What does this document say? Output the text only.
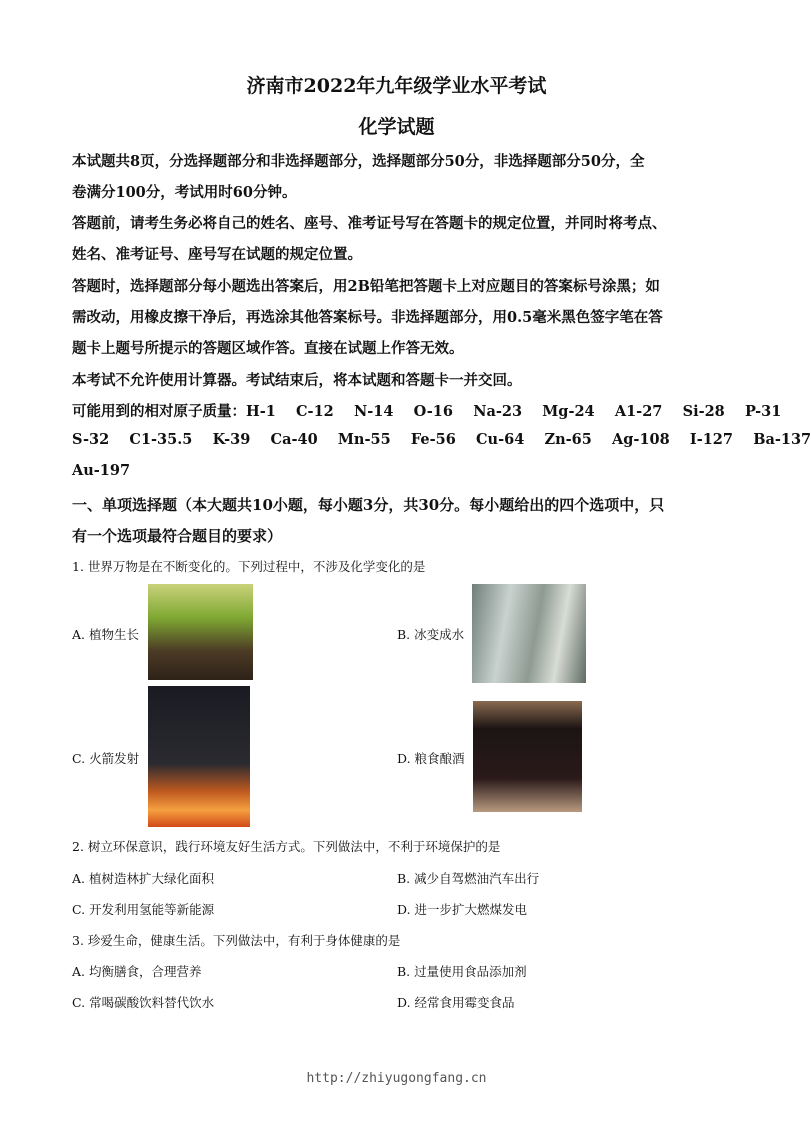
济南市2022年九年级学业水平考试
化学试题
本试题共8页，分选择题部分和非选择题部分，选择题部分50分，非选择题部分50分，全
卷满分100分，考试用时60分钟。
答题前，请考生务必将自己的姓名、座号、准考证号写在答题卡的规定位置，并同时将考点、
姓名、准考证号、座号写在试题的规定位置。
答题时，选择题部分每小题选出答案后，用2B铅笔把答题卡上对应题目的答案标号涂黑；如
需改动，用橡皮擦干净后，再选涂其他答案标号。非选择题部分，用0.5毫米黑色签字笔在答
题卡上题号所提示的答题区域作答。直接在试题上作答无效。
本考试不允许使用计算器。考试结束后，将本试题和答题卡一并交回。
可能用到的相对原子质量：H-1 C-12 N-14 O-16 Na-23 Mg-24 A1-27 Si-28 P-31
S-32 C1-35.5 K-39 Ca-40 Mn-55 Fe-56 Cu-64 Zn-65 Ag-108 I-127 Ba-137
Au-197
一、单项选择题（本大题共10小题，每小题3分，共30分。每小题给出的四个选项中，只
有一个选项最符合题目的要求）
1. 世界万物是在不断变化的。下列过程中，不涉及化学变化的是
A. 植物生长	B. 冰变成水
C. 火箭发射	D. 粮食酿酒
2. 树立环保意识，践行环境友好生活方式。下列做法中，不利于环境保护的是
A. 植树造林扩大绿化面积	B. 减少自驾燃油汽车出行
C. 开发利用氢能等新能源	D. 进一步扩大燃煤发电
3. 珍爱生命，健康生活。下列做法中，有利于身体健康的是
A. 均衡膳食，合理营养	B. 过量使用食品添加剂
C. 常喝碳酸饮料替代饮水	D. 经常食用霉变食品
http://zhiyugongfang.cn
